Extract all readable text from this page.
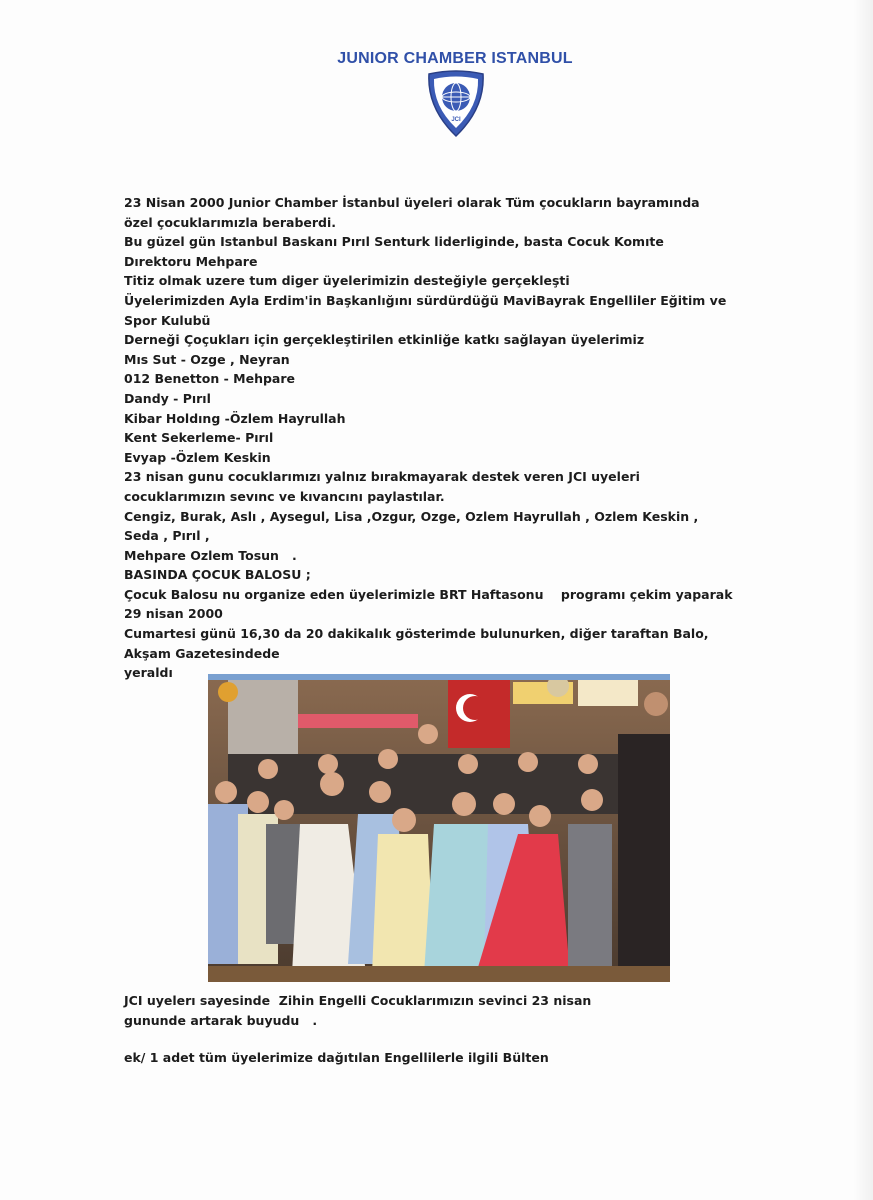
JUNIOR CHAMBER ISTANBUL
JCI
23 Nisan 2000 Junior Chamber İstanbul üyeleri olarak Tüm çocukların bayramında
özel çocuklarımızla beraberdi.
Bu güzel gün Istanbul Baskanı Pırıl Senturk liderliginde, basta Cocuk Komıte
Dırektoru Mehpare
Titiz olmak uzere tum diger üyelerimizin desteğiyle gerçekleşti
Üyelerimizden Ayla Erdim'in Başkanlığını sürdürdüğü MaviBayrak Engelliler Eğitim ve
Spor Kulubü
Derneği Çoçukları için gerçekleştirilen etkinliğe katkı sağlayan üyelerimiz
Mıs Sut - Ozge , Neyran
012 Benetton - Mehpare
Dandy - Pırıl
Kibar Holdıng -Özlem Hayrullah
Kent Sekerleme- Pırıl
Evyap -Özlem Keskin
23 nisan gunu cocuklarımızı yalnız bırakmayarak destek veren JCI uyeleri
cocuklarımızın sevınc ve kıvancını paylastılar.
Cengiz, Burak, Aslı , Aysegul, Lisa ,Ozgur, Ozge, Ozlem Hayrullah , Ozlem Keskin ,
Seda , Pırıl ,
Mehpare Ozlem Tosun   .
BASINDA ÇOCUK BALOSU ;
Çocuk Balosu nu organize eden üyelerimizle BRT Haftasonu    programı çekim yaparak
29 nisan 2000
Cumartesi günü 16,30 da 20 dakikalık gösterimde bulunurken, diğer taraftan Balo,
Akşam Gazetesindede
yeraldı
JCI uyelerı sayesinde  Zihin Engelli Cocuklarımızın sevinci 23 nisan
gununde artarak buyudu   .
ek/ 1 adet tüm üyelerimize dağıtılan Engellilerle ilgili Bülten
